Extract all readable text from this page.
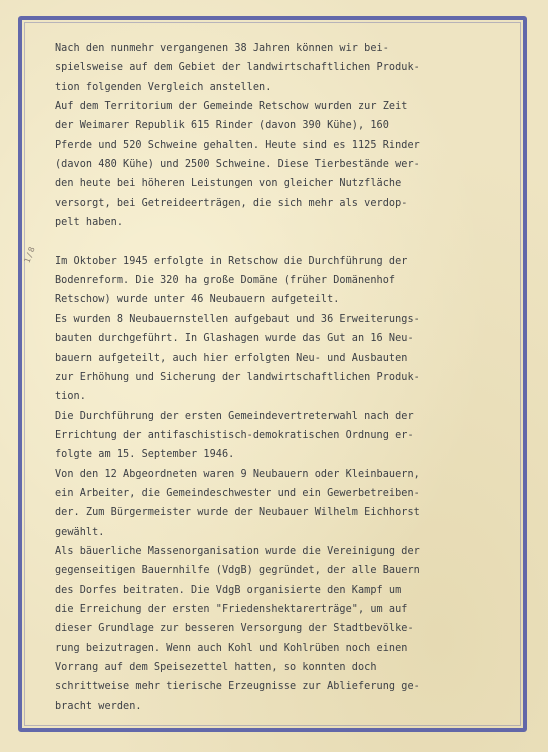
1/8
Nach den nunmehr vergangenen 38 Jahren können wir bei-
spielsweise auf dem Gebiet der landwirtschaftlichen Produk-
tion folgenden Vergleich anstellen.
Auf dem Territorium der Gemeinde Retschow wurden zur Zeit
der Weimarer Republik 615 Rinder (davon 390 Kühe), 160
Pferde und 520 Schweine gehalten. Heute sind es 1125 Rinder
(davon 480 Kühe) und 2500 Schweine. Diese Tierbestände wer-
den heute bei höheren Leistungen von gleicher Nutzfläche
versorgt, bei Getreideerträgen, die sich mehr als verdop-
pelt haben.
Im Oktober 1945 erfolgte in Retschow die Durchführung der
Bodenreform. Die 320 ha große Domäne (früher Domänenhof
Retschow) wurde unter 46 Neubauern aufgeteilt.
Es wurden 8 Neubauernstellen aufgebaut und 36 Erweiterungs-
bauten durchgeführt. In Glashagen wurde das Gut an 16 Neu-
bauern aufgeteilt, auch hier erfolgten Neu- und Ausbauten
zur Erhöhung und Sicherung der landwirtschaftlichen Produk-
tion.
Die Durchführung der ersten Gemeindevertreterwahl nach der
Errichtung der antifaschistisch-demokratischen Ordnung er-
folgte am 15. September 1946.
Von den 12 Abgeordneten waren 9 Neubauern oder Kleinbauern,
ein Arbeiter, die Gemeindeschwester und ein Gewerbetreiben-
der. Zum Bürgermeister wurde der Neubauer Wilhelm Eichhorst
gewählt.
Als bäuerliche Massenorganisation wurde die Vereinigung der
gegenseitigen Bauernhilfe (VdgB) gegründet, der alle Bauern
des Dorfes beitraten. Die VdgB organisierte den Kampf um
die Erreichung der ersten "Friedenshektarerträge", um auf
dieser Grundlage zur besseren Versorgung der Stadtbevölke-
rung beizutragen. Wenn auch Kohl und Kohlrüben noch einen
Vorrang auf dem Speisezettel hatten, so konnten doch
schrittweise mehr tierische Erzeugnisse zur Ablieferung ge-
bracht werden.
